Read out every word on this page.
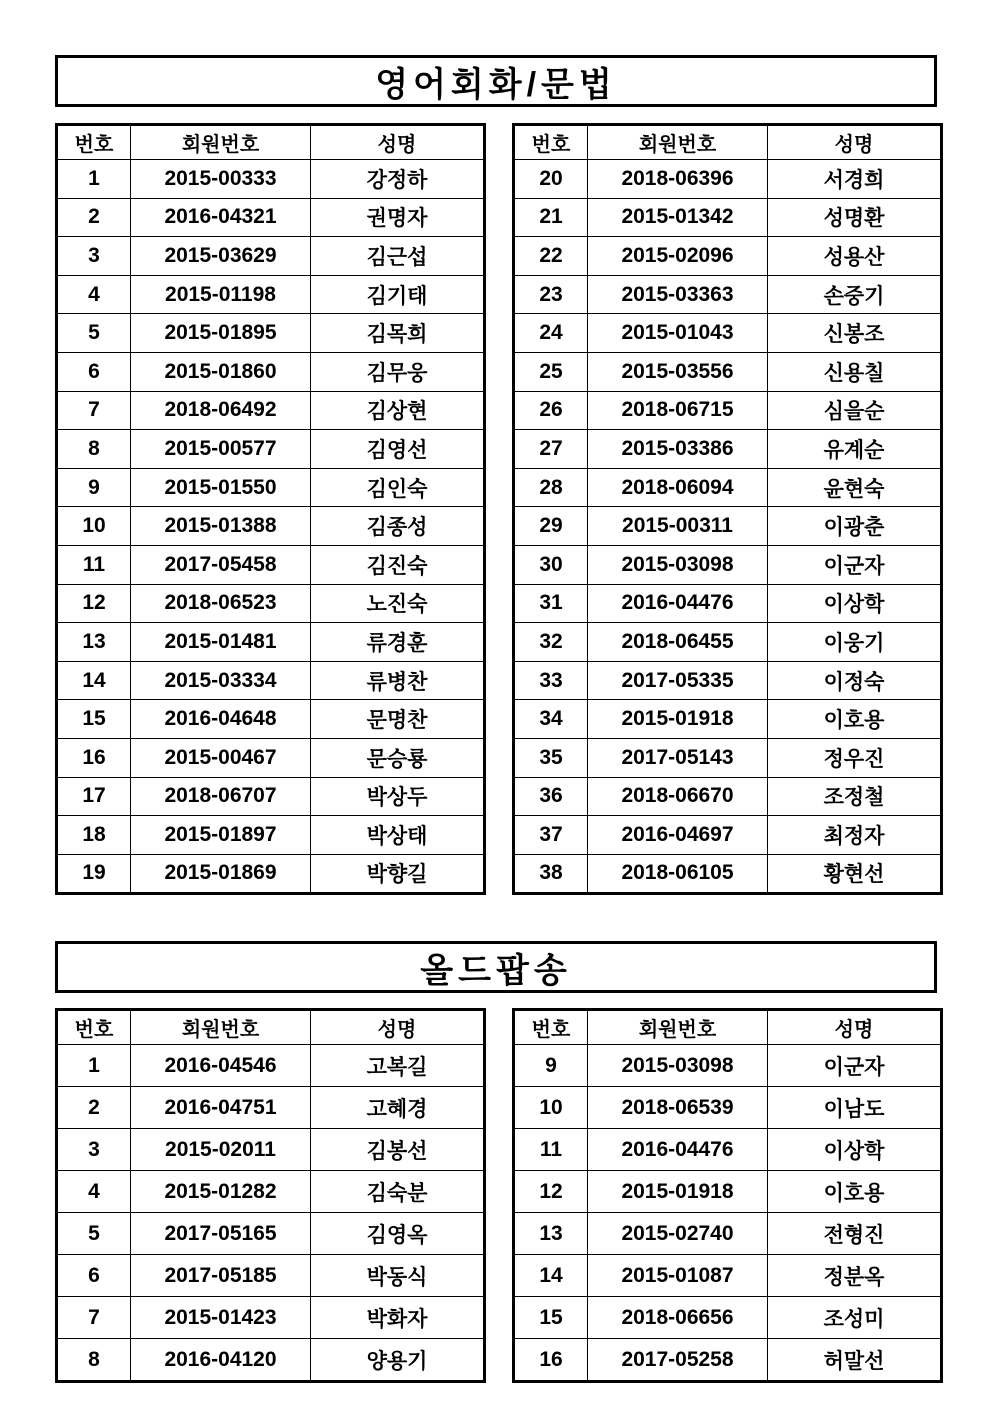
영어회화/문법
번호	회원번호	성명
1	2015-00333	강정하
2	2016-04321	권명자
3	2015-03629	김근섭
4	2015-01198	김기태
5	2015-01895	김목희
6	2015-01860	김무웅
7	2018-06492	김상현
8	2015-00577	김영선
9	2015-01550	김인숙
10	2015-01388	김종성
11	2017-05458	김진숙
12	2018-06523	노진숙
13	2015-01481	류경훈
14	2015-03334	류병찬
15	2016-04648	문명찬
16	2015-00467	문승룡
17	2018-06707	박상두
18	2015-01897	박상태
19	2015-01869	박향길
번호	회원번호	성명
20	2018-06396	서경희
21	2015-01342	성명환
22	2015-02096	성용산
23	2015-03363	손중기
24	2015-01043	신봉조
25	2015-03556	신용칠
26	2018-06715	심을순
27	2015-03386	유계순
28	2018-06094	윤현숙
29	2015-00311	이광춘
30	2015-03098	이군자
31	2016-04476	이상학
32	2018-06455	이웅기
33	2017-05335	이정숙
34	2015-01918	이호용
35	2017-05143	정우진
36	2018-06670	조정철
37	2016-04697	최정자
38	2018-06105	황현선
올드팝송
번호	회원번호	성명
1	2016-04546	고복길
2	2016-04751	고혜경
3	2015-02011	김봉선
4	2015-01282	김숙분
5	2017-05165	김영옥
6	2017-05185	박동식
7	2015-01423	박화자
8	2016-04120	양용기
번호	회원번호	성명
9	2015-03098	이군자
10	2018-06539	이남도
11	2016-04476	이상학
12	2015-01918	이호용
13	2015-02740	전형진
14	2015-01087	정분옥
15	2018-06656	조성미
16	2017-05258	허말선
